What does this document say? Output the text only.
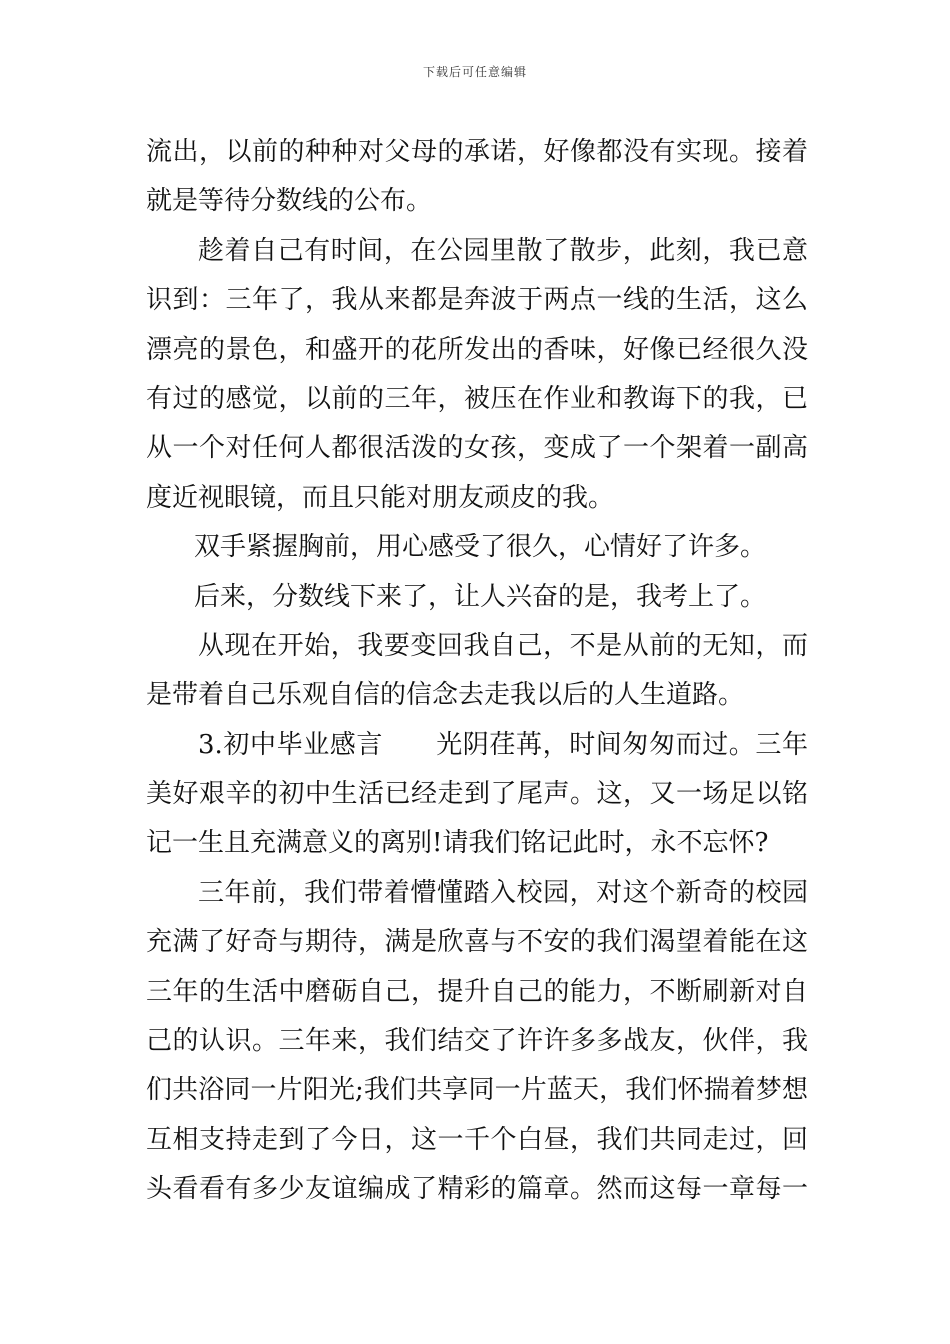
下载后可任意编辑
流出，以前的种种对父母的承诺，好像都没有实现。接着
就是等待分数线的公布。
趁着自己有时间，在公园里散了散步，此刻，我已意
识到：三年了，我从来都是奔波于两点一线的生活，这么
漂亮的景色，和盛开的花所发出的香味，好像已经很久没
有过的感觉，以前的三年，被压在作业和教诲下的我，已
从一个对任何人都很活泼的女孩，变成了一个架着一副高
度近视眼镜，而且只能对朋友顽皮的我。
双手紧握胸前，用心感受了很久，心情好了许多。
后来，分数线下来了，让人兴奋的是，我考上了。
从现在开始，我要变回我自己，不是从前的无知，而
是带着自己乐观自信的信念去走我以后的人生道路。
3.初中毕业感言　　光阴荏苒，时间匆匆而过。三年
美好艰辛的初中生活已经走到了尾声。这，又一场足以铭
记一生且充满意义的离别!请我们铭记此时，永不忘怀?
三年前，我们带着懵懂踏入校园，对这个新奇的校园
充满了好奇与期待，满是欣喜与不安的我们渴望着能在这
三年的生活中磨砺自己，提升自己的能力，不断刷新对自
己的认识。三年来，我们结交了许许多多战友，伙伴，我
们共浴同一片阳光;我们共享同一片蓝天，我们怀揣着梦想
互相支持走到了今日，这一千个白昼，我们共同走过，回
头看看有多少友谊编成了精彩的篇章。然而这每一章每一
